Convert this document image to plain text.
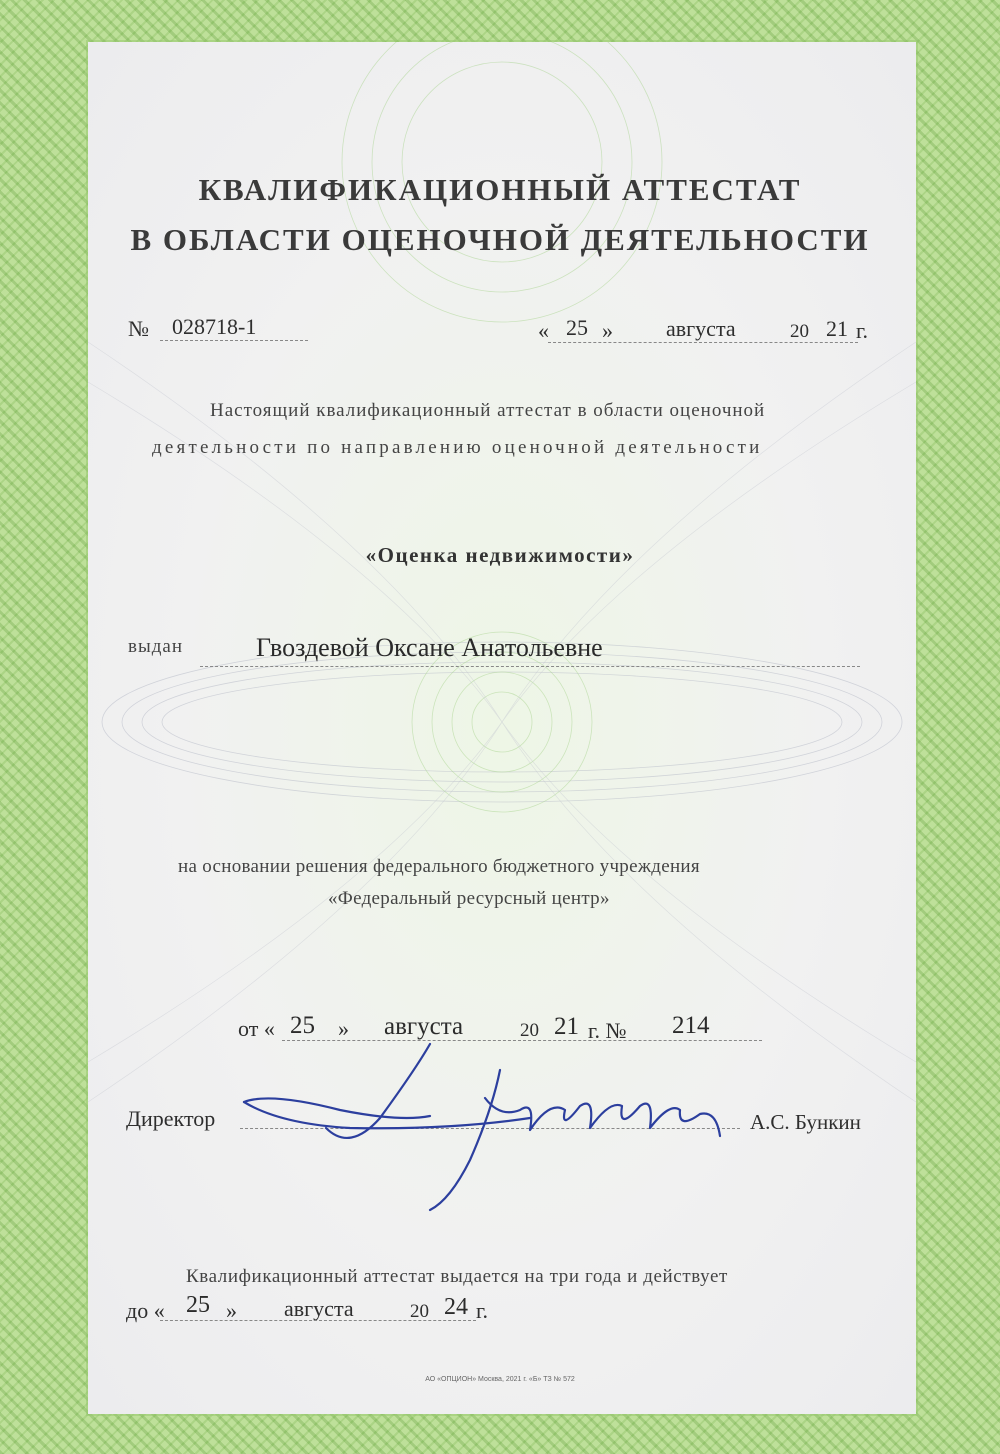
КВАЛИФИКАЦИОННЫЙ АТТЕСТАТ
В ОБЛАСТИ ОЦЕНОЧНОЙ ДЕЯТЕЛЬНОСТИ
№ 028718-1	« 25 » августа	20 21 г.
Настоящий квалификационный аттестат в области оценочной
деятельности по направлению оценочной деятельности
«Оценка недвижимости»
выдан	Гвоздевой Оксане Анатольевне
на основании решения федерального бюджетного учреждения
«Федеральный ресурсный центр»
от « 25 » августа	20 21 г. № 214
Директор	А.С. Бункин
Квалификационный аттестат выдается на три года и действует
до « 25 » августа	20 24 г.
АО «ОПЦИОН» Москва, 2021 г. «Б» ТЗ № 572
